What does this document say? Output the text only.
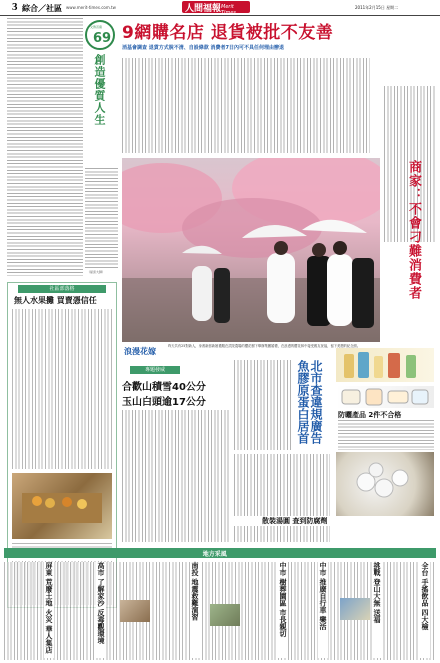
3 綜合／社區 www.merit-times.com.tw	人間福報 Merit Times
2011年2月15日 星期二
文殊菩薩
69
創造優質人生
（星雲大師）
9網購名店 退貨被批不友善
消基會調查 退貨方式脫不清、自設條款 消費者7日內可不具任何理由辦退
商家：不會刁難消費者
浪漫花嫁
昨天共有25對新人，身著新郎新娘禮服在武陵農場的櫻花樹下舉辦集團婚禮，在浪漫的櫻花林中接受親友祝福，留下美麗的紀念照。
社區部落格
無人水果攤 買賣憑信任
專題發威
合歡山積雪40公分
玉山白頭逾17公分	北市查違規廣告 魚膠原蛋白居首
散裝湯圓 查到防腐劑
防曬產品 2件不合格
地方采風
全台 手搖飲品 四大檢
挑戰 登山大無 送福
中市 推廣自行車 樂活
中市 樹葬園區 市長親切
南投 地震救難演習
高市 了解家沙 反毒觀環境
屏東 荒廢土地 火災 華人集店
